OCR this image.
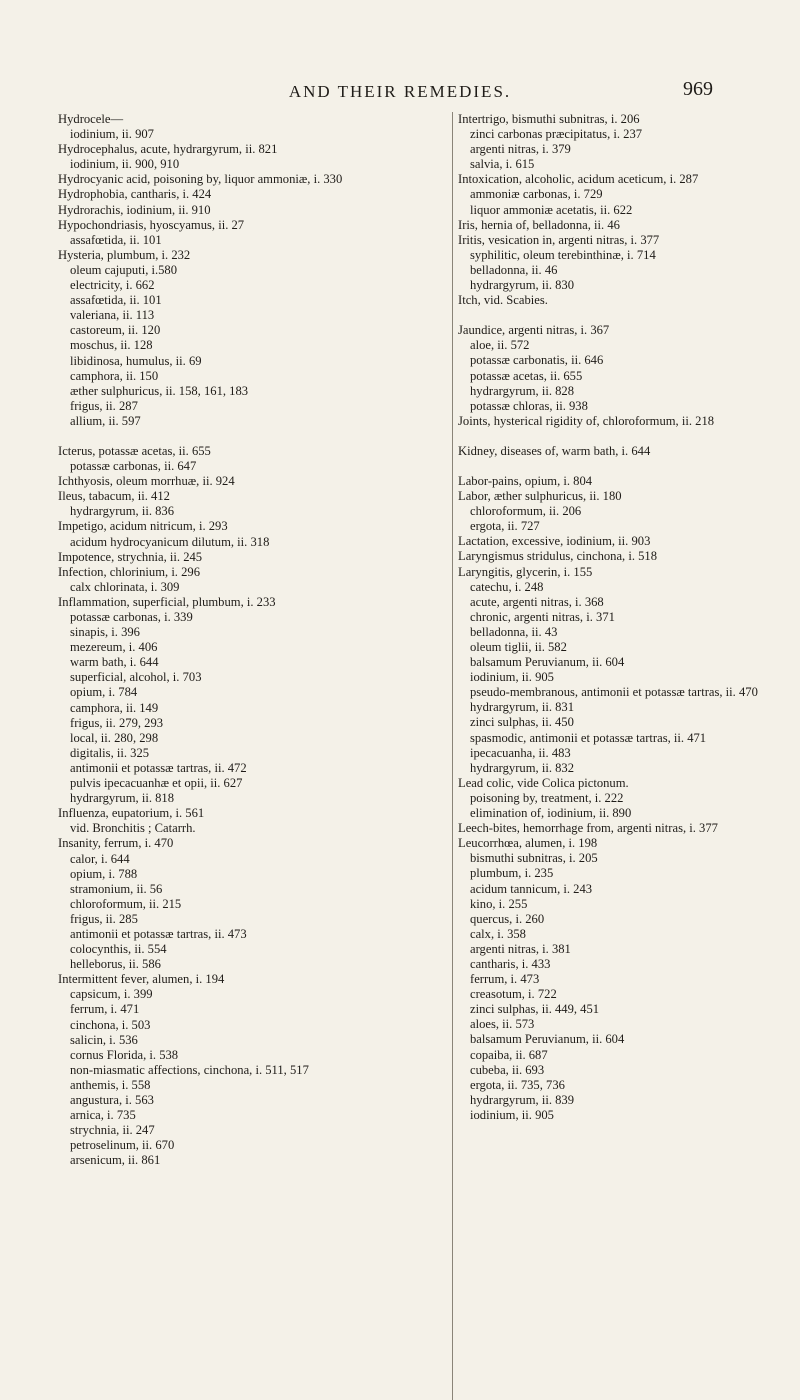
AND THEIR REMEDIES.	969

Hydrocele—

iodinium, ii. 907

Hydrocephalus, acute, hydrargyrum, ii. 821

iodinium, ii. 900, 910

Hydrocyanic acid, poisoning by, liquor ammoniæ, i. 330

Hydrophobia, cantharis, i. 424

Hydrorachis, iodinium, ii. 910

Hypochondriasis, hyoscyamus, ii. 27

assafœtida, ii. 101

Hysteria, plumbum, i. 232

oleum cajuputi, i.580

electricity, i. 662

assafœtida, ii. 101

valeriana, ii. 113

castoreum, ii. 120

moschus, ii. 128

libidinosa, humulus, ii. 69

camphora, ii. 150

æther sulphuricus, ii. 158, 161, 183

frigus, ii. 287

allium, ii. 597

Icterus, potassæ acetas, ii. 655

potassæ carbonas, ii. 647

Ichthyosis, oleum morrhuæ, ii. 924

Ileus, tabacum, ii. 412

hydrargyrum, ii. 836

Impetigo, acidum nitricum, i. 293

acidum hydrocyanicum dilutum, ii. 318

Impotence, strychnia, ii. 245

Infection, chlorinium, i. 296

calx chlorinata, i. 309

Inflammation, superficial, plumbum, i. 233

potassæ carbonas, i. 339

sinapis, i. 396

mezereum, i. 406

warm bath, i. 644

superficial, alcohol, i. 703

opium, i. 784

camphora, ii. 149

frigus, ii. 279, 293

local, ii. 280, 298

digitalis, ii. 325

antimonii et potassæ tartras, ii. 472

pulvis ipecacuanhæ et opii, ii. 627

hydrargyrum, ii. 818

Influenza, eupatorium, i. 561

vid. Bronchitis ; Catarrh.

Insanity, ferrum, i. 470

calor, i. 644

opium, i. 788

stramonium, ii. 56

chloroformum, ii. 215

frigus, ii. 285

antimonii et potassæ tartras, ii. 473

colocynthis, ii. 554

helleborus, ii. 586

Intermittent fever, alumen, i. 194

capsicum, i. 399

ferrum, i. 471

cinchona, i. 503

salicin, i. 536

cornus Florida, i. 538

non-miasmatic affections, cinchona, i. 511, 517

anthemis, i. 558

angustura, i. 563

arnica, i. 735

strychnia, ii. 247

petroselinum, ii. 670

arsenicum, ii. 861

Intertrigo, bismuthi subnitras, i. 206

zinci carbonas præcipitatus, i. 237

argenti nitras, i. 379

salvia, i. 615

Intoxication, alcoholic, acidum aceticum, i. 287

ammoniæ carbonas, i. 729

liquor ammoniæ acetatis, ii. 622

Iris, hernia of, belladonna, ii. 46

Iritis, vesication in, argenti nitras, i. 377

syphilitic, oleum terebinthinæ, i. 714

belladonna, ii. 46

hydrargyrum, ii. 830

Itch, vid. Scabies.

Jaundice, argenti nitras, i. 367

aloe, ii. 572

potassæ carbonatis, ii. 646

potassæ acetas, ii. 655

hydrargyrum, ii. 828

potassæ chloras, ii. 938

Joints, hysterical rigidity of, chloroformum, ii. 218

Kidney, diseases of, warm bath, i. 644

Labor-pains, opium, i. 804

Labor, æther sulphuricus, ii. 180

chloroformum, ii. 206

ergota, ii. 727

Lactation, excessive, iodinium, ii. 903

Laryngismus stridulus, cinchona, i. 518

Laryngitis, glycerin, i. 155

catechu, i. 248

acute, argenti nitras, i. 368

chronic, argenti nitras, i. 371

belladonna, ii. 43

oleum tiglii, ii. 582

balsamum Peruvianum, ii. 604

iodinium, ii. 905

pseudo-membranous, antimonii et potassæ tartras, ii. 470

hydrargyrum, ii. 831

zinci sulphas, ii. 450

spasmodic, antimonii et potassæ tartras, ii. 471

ipecacuanha, ii. 483

hydrargyrum, ii. 832

Lead colic, vide Colica pictonum.

poisoning by, treatment, i. 222

elimination of, iodinium, ii. 890

Leech-bites, hemorrhage from, argenti nitras, i. 377

Leucorrhœa, alumen, i. 198

bismuthi subnitras, i. 205

plumbum, i. 235

acidum tannicum, i. 243

kino, i. 255

quercus, i. 260

calx, i. 358

argenti nitras, i. 381

cantharis, i. 433

ferrum, i. 473

creasotum, i. 722

zinci sulphas, ii. 449, 451

aloes, ii. 573

balsamum Peruvianum, ii. 604

copaiba, ii. 687

cubeba, ii. 693

ergota, ii. 735, 736

hydrargyrum, ii. 839

iodinium, ii. 905
